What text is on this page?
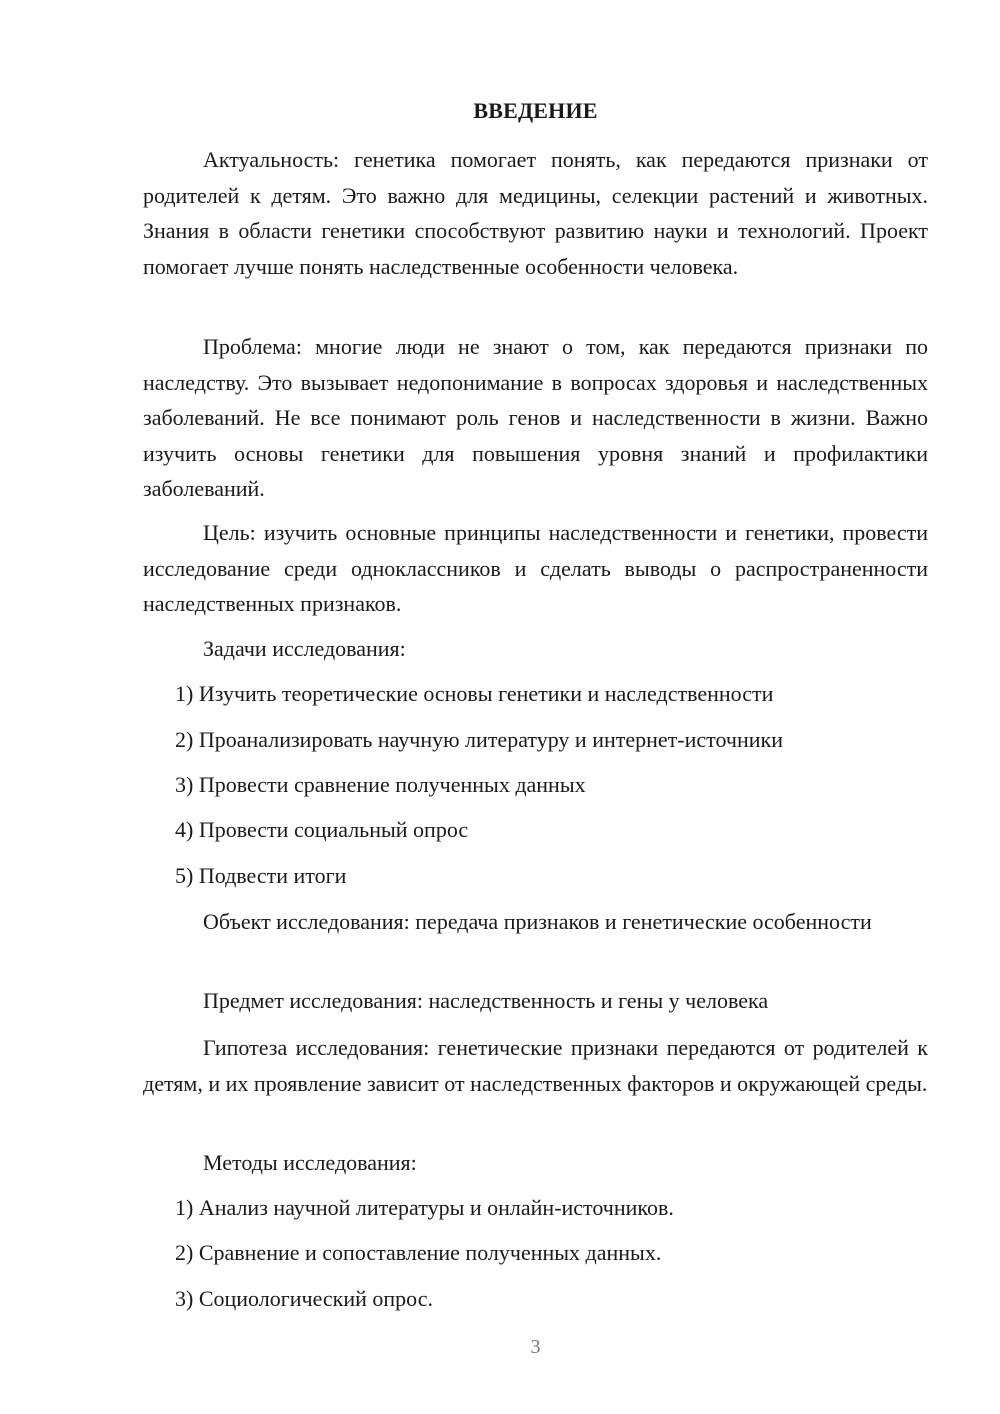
ВВЕДЕНИЕ

Актуальность: генетика помогает понять, как передаются признаки от родителей к детям. Это важно для медицины, селекции растений и животных. Знания в области генетики способствуют развитию науки и технологий. Проект помогает лучше понять наследственные особенности человека.

Проблема: многие люди не знают о том, как передаются признаки по наследству. Это вызывает недопонимание в вопросах здоровья и наследственных заболеваний. Не все понимают роль генов и наследственности в жизни. Важно изучить основы генетики для повышения уровня знаний и профилактики заболеваний.

Цель: изучить основные принципы наследственности и генетики, провести исследование среди одноклассников и сделать выводы о распространенности наследственных признаков.

Задачи исследования:

1) Изучить теоретические основы генетики и наследственности

2) Проанализировать научную литературу и интернет-источники

3) Провести сравнение полученных данных

4) Провести социальный опрос

5) Подвести итоги

Объект исследования: передача признаков и генетические особенности

Предмет исследования: наследственность и гены у человека

Гипотеза исследования: генетические признаки передаются от родителей к детям, и их проявление зависит от наследственных факторов и окружающей среды.

Методы исследования:

1) Анализ научной литературы и онлайн-источников.

2) Сравнение и сопоставление полученных данных.

3) Социологический опрос.

3
